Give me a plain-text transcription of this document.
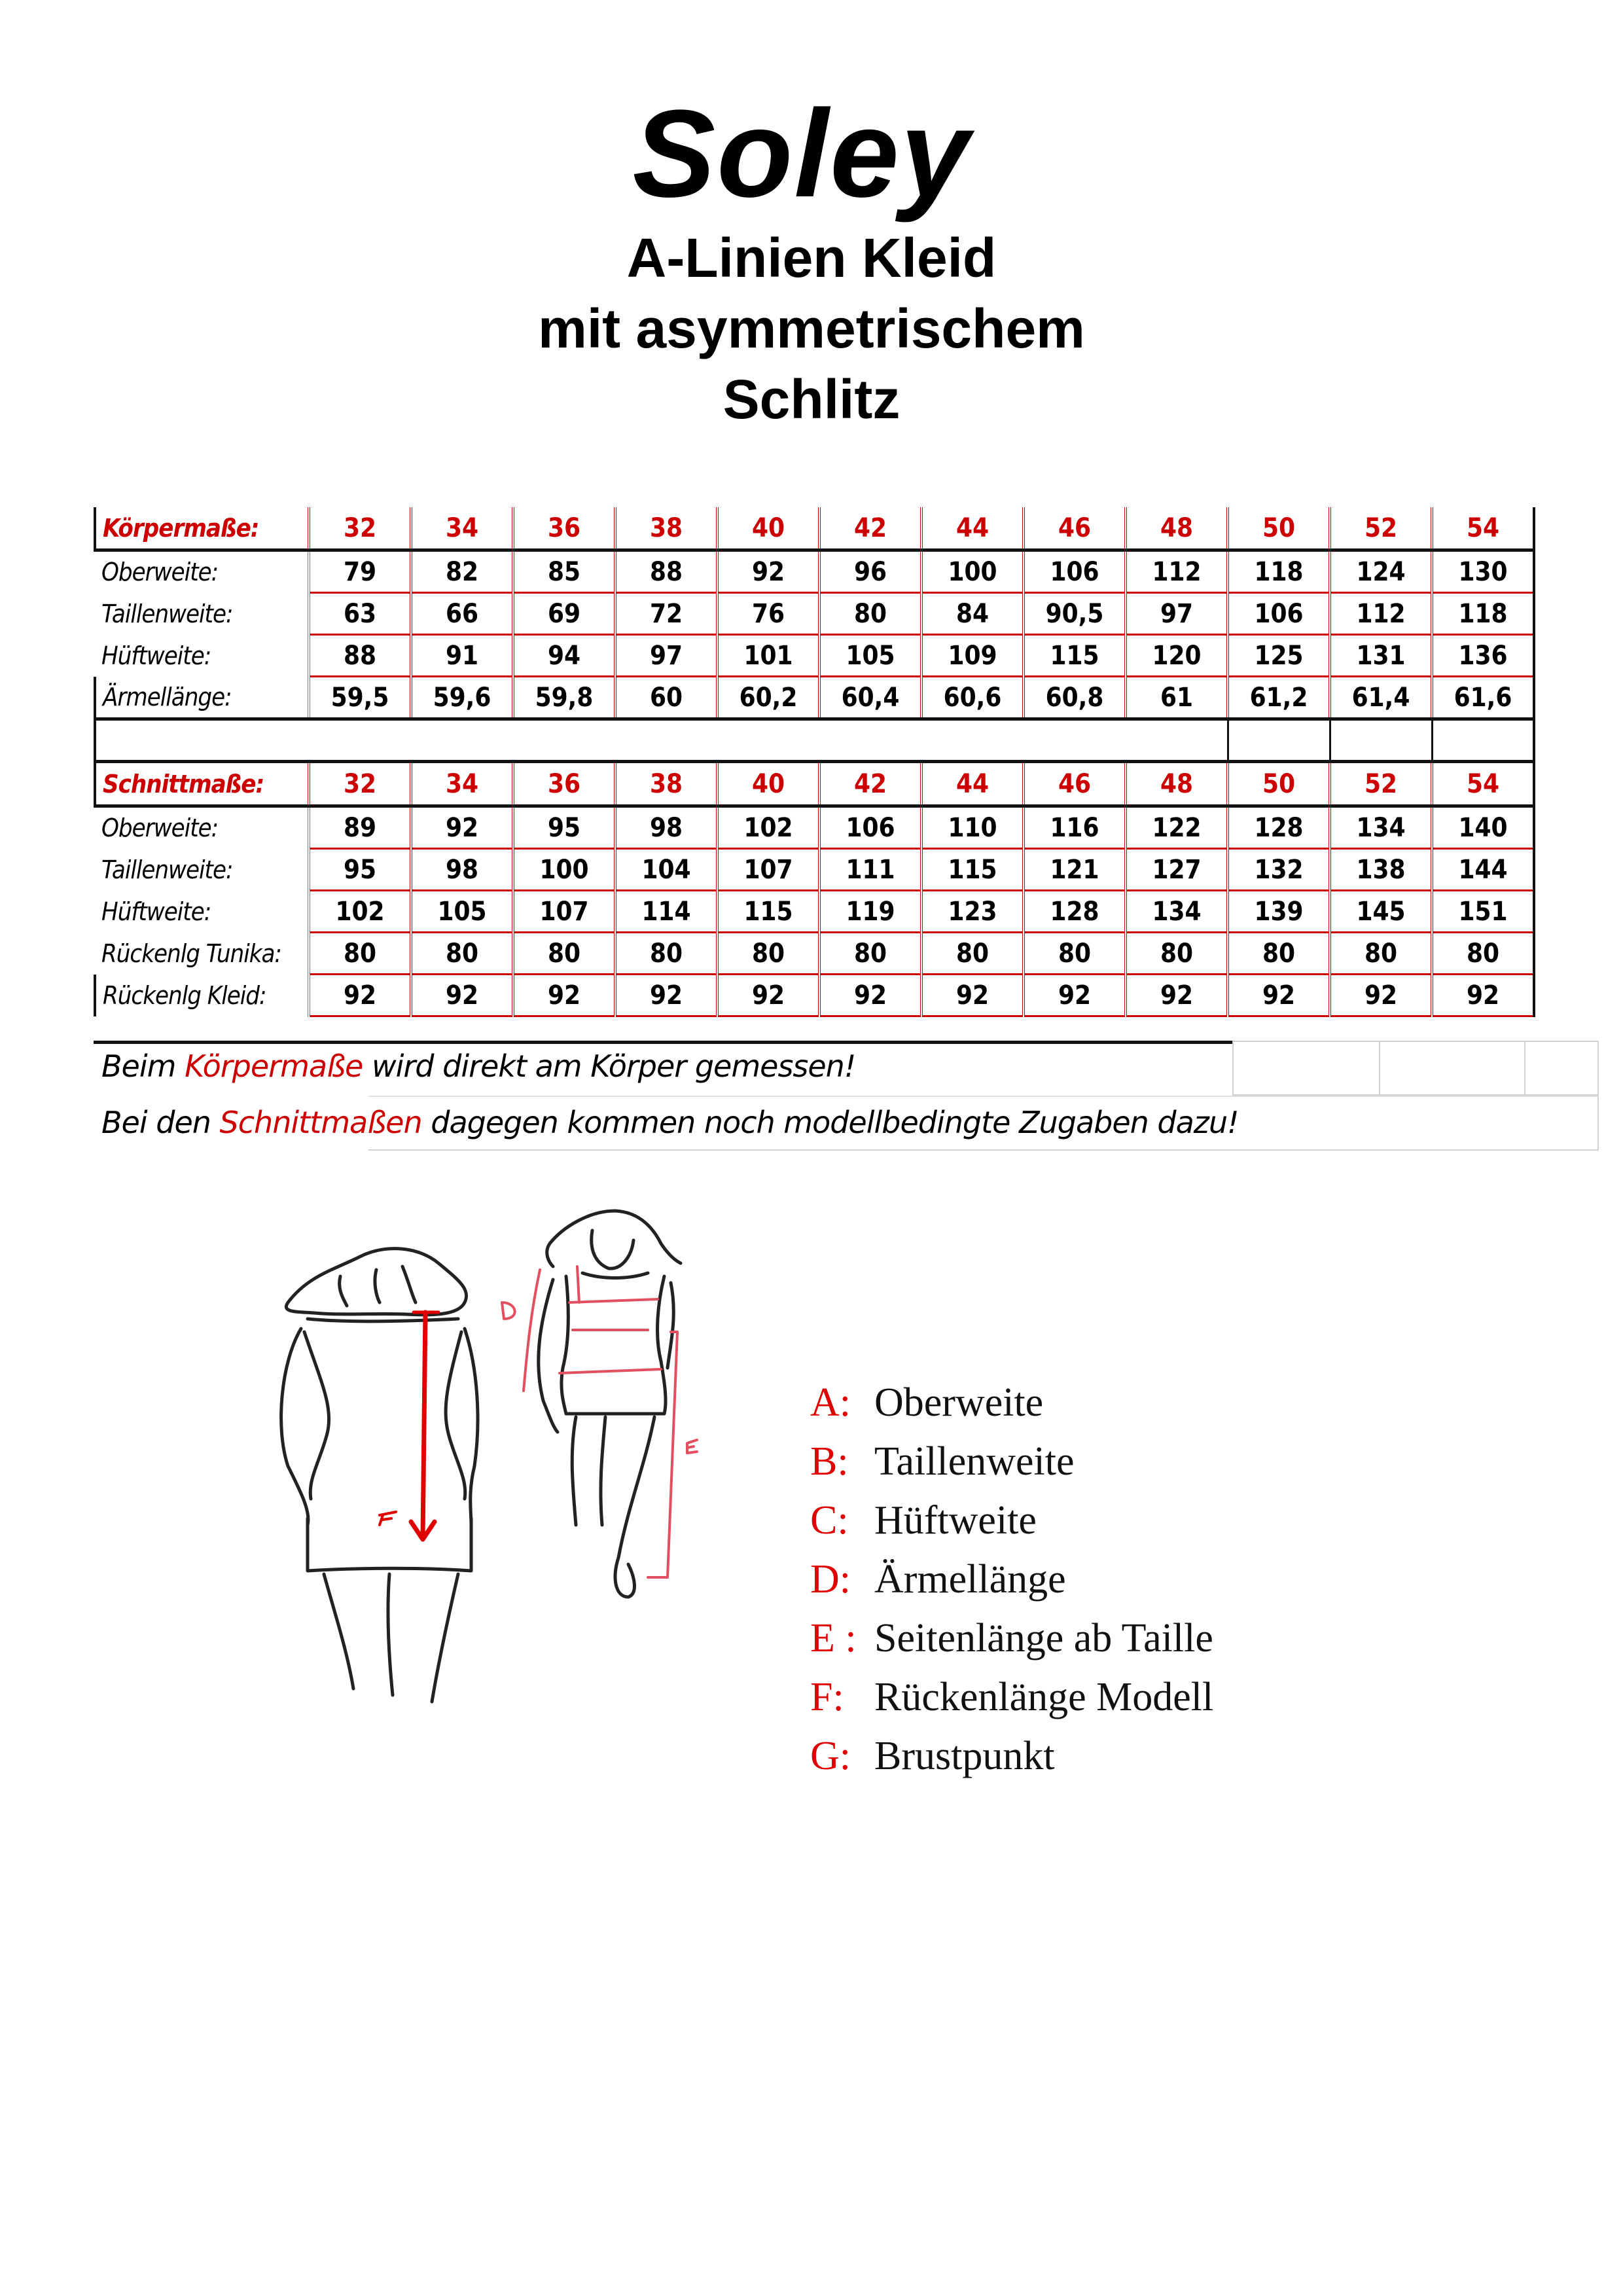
Soley
A-Linien Kleid
mit asymmetrischem
Schlitz
Körpermaße:	32	34	36	38	40	42	44	46	48	50	52	54
Oberweite:	79	82	85	88	92	96	100	106	112	118	124	130
Taillenweite:	63	66	69	72	76	80	84	90,5	97	106	112	118
Hüftweite:	88	91	94	97	101	105	109	115	120	125	131	136
Ärmellänge:	59,5	59,6	59,8	60	60,2	60,4	60,6	60,8	61	61,2	61,4	61,6

Schnittmaße:	32	34	36	38	40	42	44	46	48	50	52	54
Oberweite:	89	92	95	98	102	106	110	116	122	128	134	140
Taillenweite:	95	98	100	104	107	111	115	121	127	132	138	144
Hüftweite:	102	105	107	114	115	119	123	128	134	139	145	151
Rückenlg Tunika:	80	80	80	80	80	80	80	80	80	80	80	80
Rückenlg Kleid:	92	92	92	92	92	92	92	92	92	92	92	92
Beim Körpermaße wird direkt am Körper gemessen!
Bei den Schnittmaßen dagegen kommen noch modellbedingte Zugaben dazu!
A: Oberweite
B: Taillenweite
C: Hüftweite
D: Ärmellänge
E : Seitenlänge ab Taille
F: Rückenlänge Modell
G: Brustpunkt
